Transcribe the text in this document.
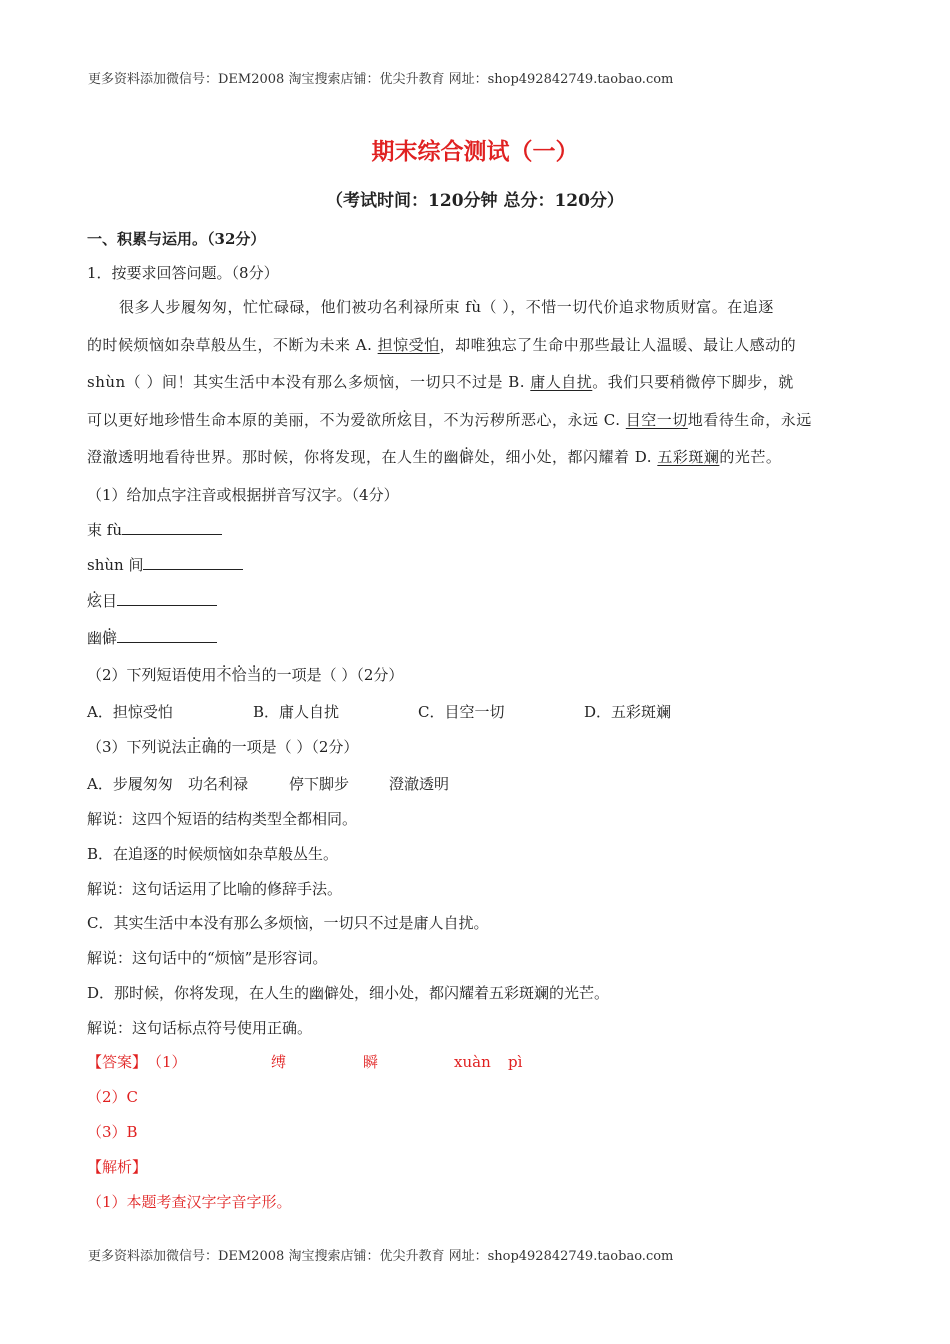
更多资料添加微信号：DEM2008 淘宝搜索店铺：优尖升教育 网址：shop492842749.taobao.com
期末综合测试（一）
（考试时间：120分钟 总分：120分）
一、积累与运用。（32分）
1．按要求回答问题。（8分）
很多人步履匆匆，忙忙碌碌，他们被功名利禄所束 fù（ ），不惜一切代价追求物质财富。在追逐
的时候烦恼如杂草般丛生，不断为未来 A. 担惊受怕，却唯独忘了生命中那些最让人温暖、最让人感动的
shùn（ ）间！其实生活中本没有那么多烦恼，一切只不过是 B. 庸人自扰。我们只要稍微停下脚步，就
可以更好地珍惜生命本原的美丽，不为爱欲所炫目，不为污秽所恶心，永远 C. 目空一切地看待生命，永远
澄澈透明地看待世界。那时候，你将发现，在人生的幽僻处，细小处，都闪耀着 D. 五彩斑斓的光芒。
（1）给加点字注音或根据拼音写汉字。（4分）
束 fù
shùn 间
炫目
幽僻
（2）下列短语使用不恰当的一项是（ ）（2分）
A．担惊受怕	B．庸人自扰	C．目空一切	D．五彩斑斓
（3）下列说法正确的一项是（ ）（2分）
A．步履匆匆 功名利禄	停下脚步	澄澈透明
解说：这四个短语的结构类型全都相同。
B．在追逐的时候烦恼如杂草般丛生。
解说：这句话运用了比喻的修辞手法。
C．其实生活中本没有那么多烦恼，一切只不过是庸人自扰。
解说：这句话中的“烦恼”是形容词。
D．那时候，你将发现，在人生的幽僻处，细小处，都闪耀着五彩斑斓的光芒。
解说：这句话标点符号使用正确。
【答案】 （1）	缚	瞬	xuàn pì
（2）C
（3）B
【解析】
（1）本题考查汉字字音字形。
更多资料添加微信号：DEM2008 淘宝搜索店铺：优尖升教育 网址：shop492842749.taobao.com
